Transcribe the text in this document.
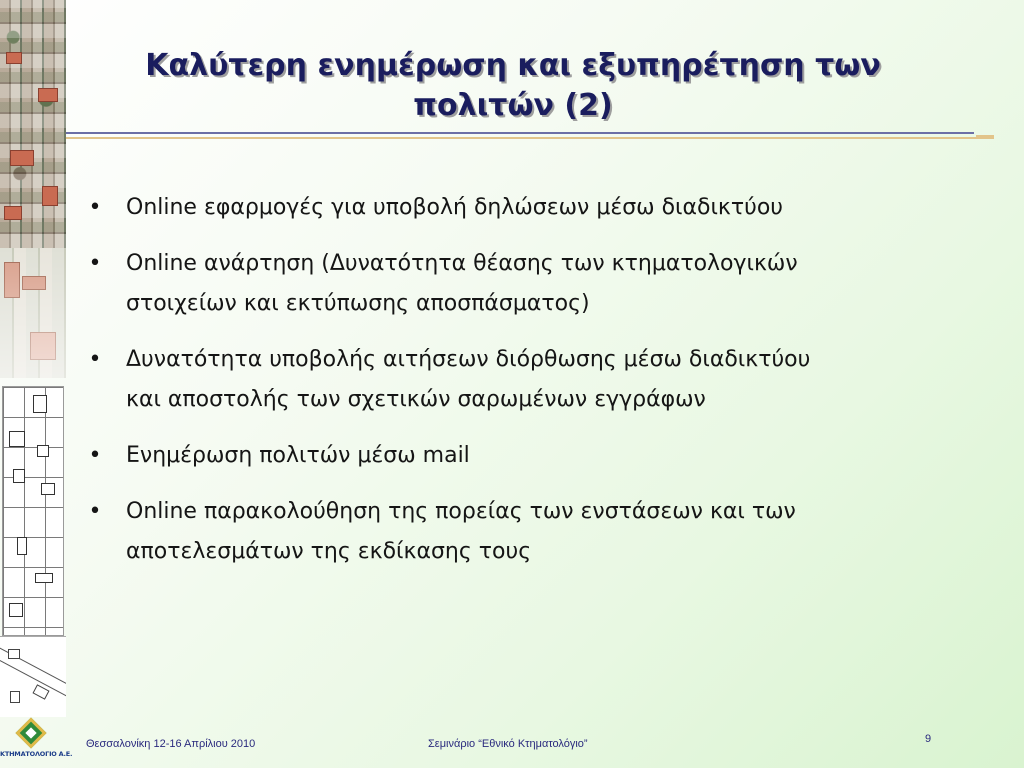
Καλύτερη ενημέρωση και εξυπηρέτηση των
πολιτών (2)
• Online εφαρμογές για υποβολή δηλώσεων μέσω διαδικτύου
• Online ανάρτηση (Δυνατότητα θέασης των κτηματολογικών
στοιχείων και εκτύπωσης αποσπάσματος)
• Δυνατότητα υποβολής αιτήσεων διόρθωσης μέσω διαδικτύου
και αποστολής των σχετικών σαρωμένων εγγράφων
• Ενημέρωση πολιτών μέσω mail
• Online παρακολούθηση της πορείας των ενστάσεων και των
αποτελεσμάτων της εκδίκασης τους
ΚΤΗΜΑΤΟΛΟΓΙΟ Α.Ε.
Θεσσαλονίκη 12-16 Απρίλιου 2010	Σεμινάριο “Εθνικό Κτηματολόγιο”	9
